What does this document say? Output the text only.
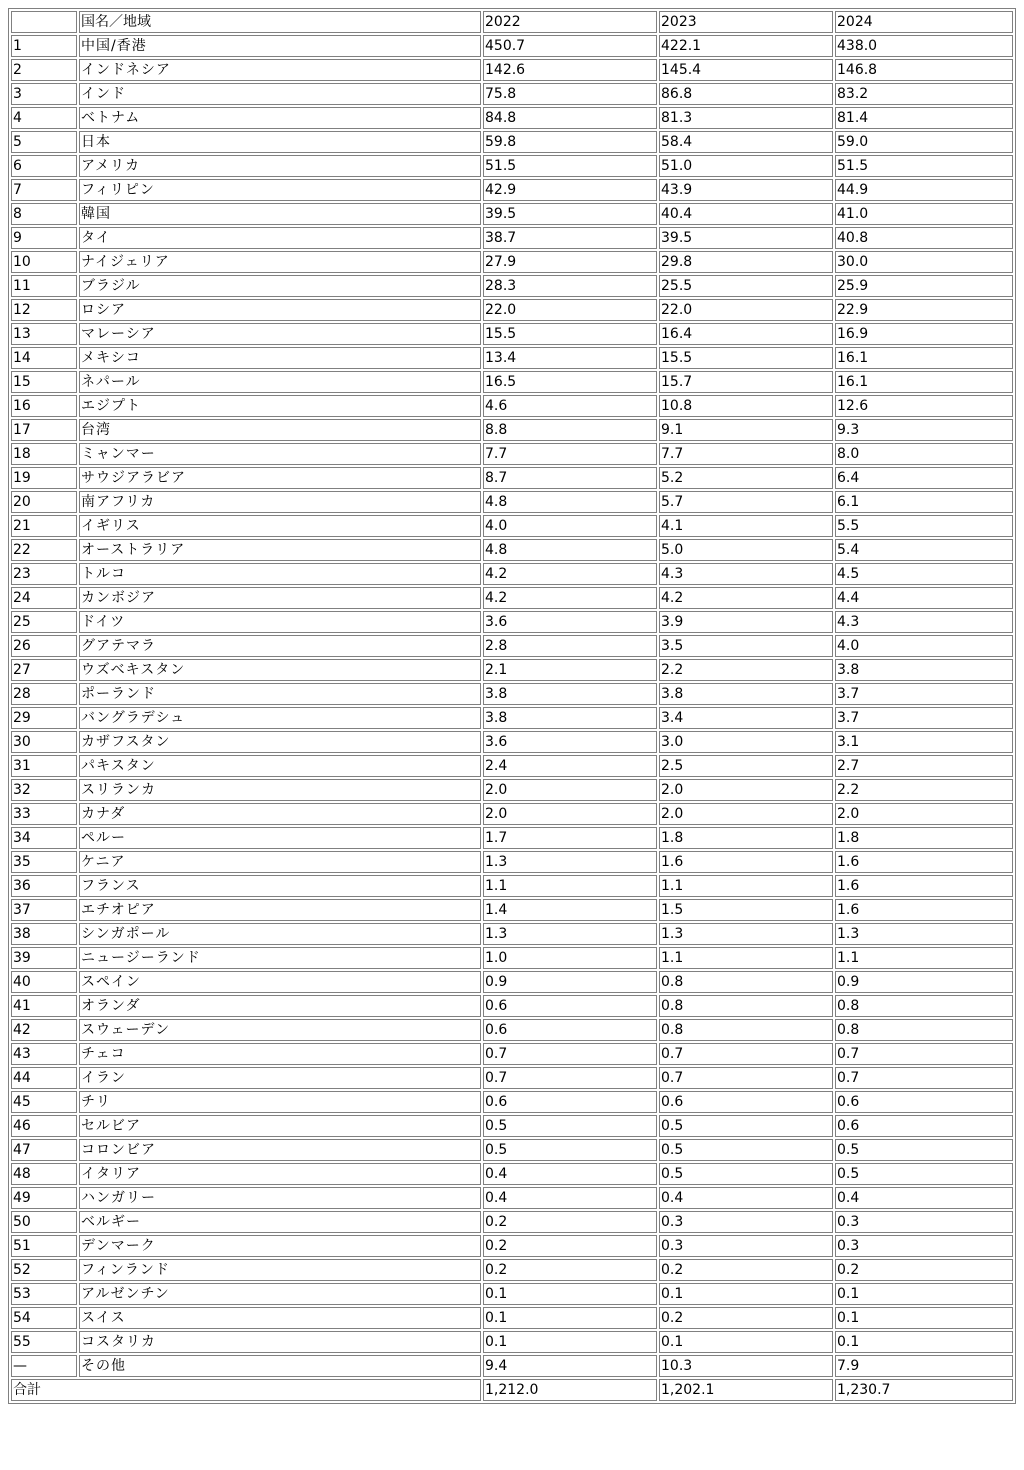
	国名／地域	2022	2023	2024
1	中国/香港	450.7	422.1	438.0
2	インドネシア	142.6	145.4	146.8
3	インド	75.8	86.8	83.2
4	ベトナム	84.8	81.3	81.4
5	日本	59.8	58.4	59.0
6	アメリカ	51.5	51.0	51.5
7	フィリピン	42.9	43.9	44.9
8	韓国	39.5	40.4	41.0
9	タイ	38.7	39.5	40.8
10	ナイジェリア	27.9	29.8	30.0
11	ブラジル	28.3	25.5	25.9
12	ロシア	22.0	22.0	22.9
13	マレーシア	15.5	16.4	16.9
14	メキシコ	13.4	15.5	16.1
15	ネパール	16.5	15.7	16.1
16	エジプト	4.6	10.8	12.6
17	台湾	8.8	9.1	9.3
18	ミャンマー	7.7	7.7	8.0
19	サウジアラビア	8.7	5.2	6.4
20	南アフリカ	4.8	5.7	6.1
21	イギリス	4.0	4.1	5.5
22	オーストラリア	4.8	5.0	5.4
23	トルコ	4.2	4.3	4.5
24	カンボジア	4.2	4.2	4.4
25	ドイツ	3.6	3.9	4.3
26	グアテマラ	2.8	3.5	4.0
27	ウズベキスタン	2.1	2.2	3.8
28	ポーランド	3.8	3.8	3.7
29	バングラデシュ	3.8	3.4	3.7
30	カザフスタン	3.6	3.0	3.1
31	パキスタン	2.4	2.5	2.7
32	スリランカ	2.0	2.0	2.2
33	カナダ	2.0	2.0	2.0
34	ペルー	1.7	1.8	1.8
35	ケニア	1.3	1.6	1.6
36	フランス	1.1	1.1	1.6
37	エチオピア	1.4	1.5	1.6
38	シンガポール	1.3	1.3	1.3
39	ニュージーランド	1.0	1.1	1.1
40	スペイン	0.9	0.8	0.9
41	オランダ	0.6	0.8	0.8
42	スウェーデン	0.6	0.8	0.8
43	チェコ	0.7	0.7	0.7
44	イラン	0.7	0.7	0.7
45	チリ	0.6	0.6	0.6
46	セルビア	0.5	0.5	0.6
47	コロンビア	0.5	0.5	0.5
48	イタリア	0.4	0.5	0.5
49	ハンガリー	0.4	0.4	0.4
50	ベルギー	0.2	0.3	0.3
51	デンマーク	0.2	0.3	0.3
52	フィンランド	0.2	0.2	0.2
53	アルゼンチン	0.1	0.1	0.1
54	スイス	0.1	0.2	0.1
55	コスタリカ	0.1	0.1	0.1
—	その他	9.4	10.3	7.9
合計		1,212.0	1,202.1	1,230.7
